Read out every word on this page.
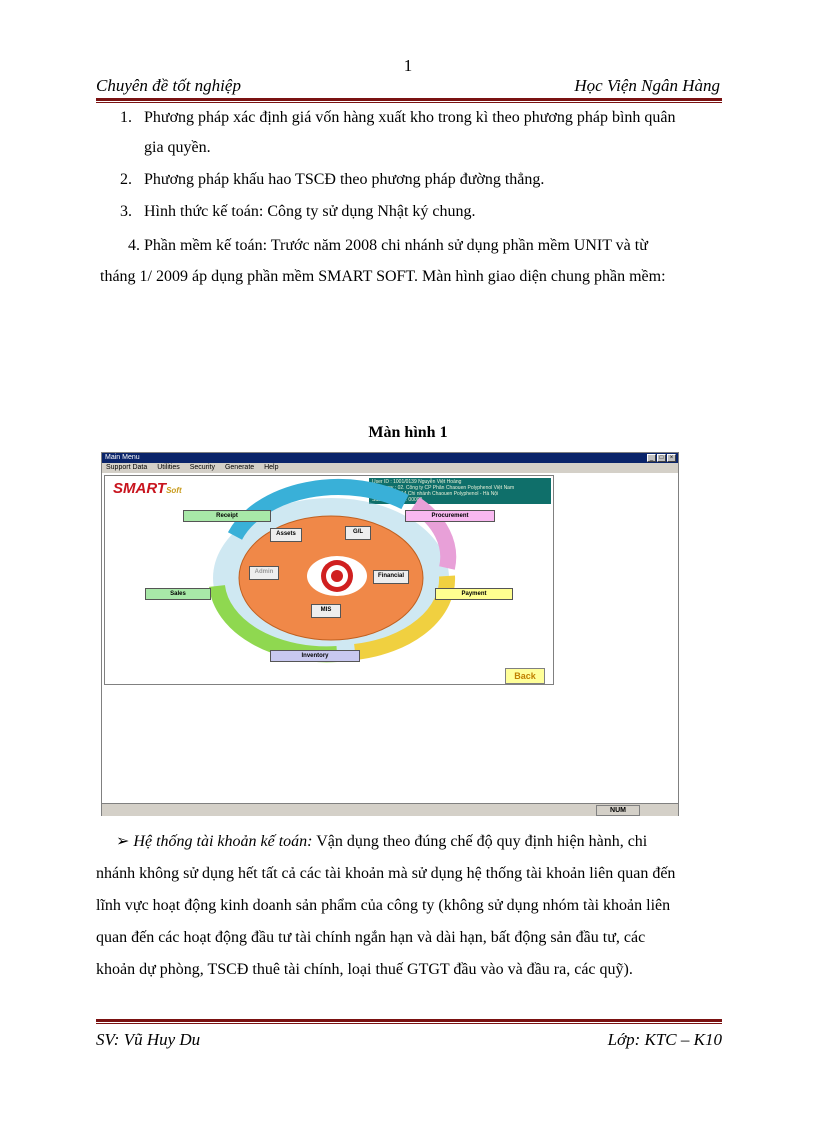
1
Chuyên đề tốt nghiệp	Học Viện Ngân Hàng
1. Phương pháp xác định giá vốn hàng xuất kho trong kì theo phương pháp bình quân
gia quyền.
2. Phương pháp khấu hao TSCĐ theo phương pháp đường thẳng.
3. Hình thức kế toán: Công ty sử dụng Nhật ký chung.
4. Phần mềm kế toán: Trước năm 2008 chi nhánh sử dụng phần mềm UNIT và từ
tháng 1/ 2009 áp dụng phần mềm SMART SOFT. Màn hình giao diện chung phần mềm:
Màn hình 1
Main Menu	_	□	×
Support Data Utilities Security Generate Help
SMARTSoft
User ID : 1001/0139 Nguyễn Việt Hoàng
Company : 02. Công ty CP Phân Chaouen Polyphenol Việt Nam
Operation : 014 Chi nhánh Chaouen Polyphenol - Hà Nội
Sub Operation : 00000
Receipt	Procurement
Sales	Payment
Inventory
Assets	G/L
Financial
MIS
Admin
Back
NUM
➢ Hệ thống tài khoản kế toán: Vận dụng theo đúng chế độ quy định hiện hành, chi
nhánh không sử dụng hết tất cả các tài khoản mà sử dụng hệ thống tài khoản liên quan đến
lĩnh vực hoạt động kinh doanh sản phẩm của công ty (không sử dụng nhóm tài khoản liên
quan đến các hoạt động đầu tư tài chính ngắn hạn và dài hạn, bất động sản đầu tư, các
khoản dự phòng, TSCĐ thuê tài chính, loại thuế GTGT đầu vào và đầu ra, các quỹ).
SV: Vũ Huy Du	Lớp: KTC – K10
